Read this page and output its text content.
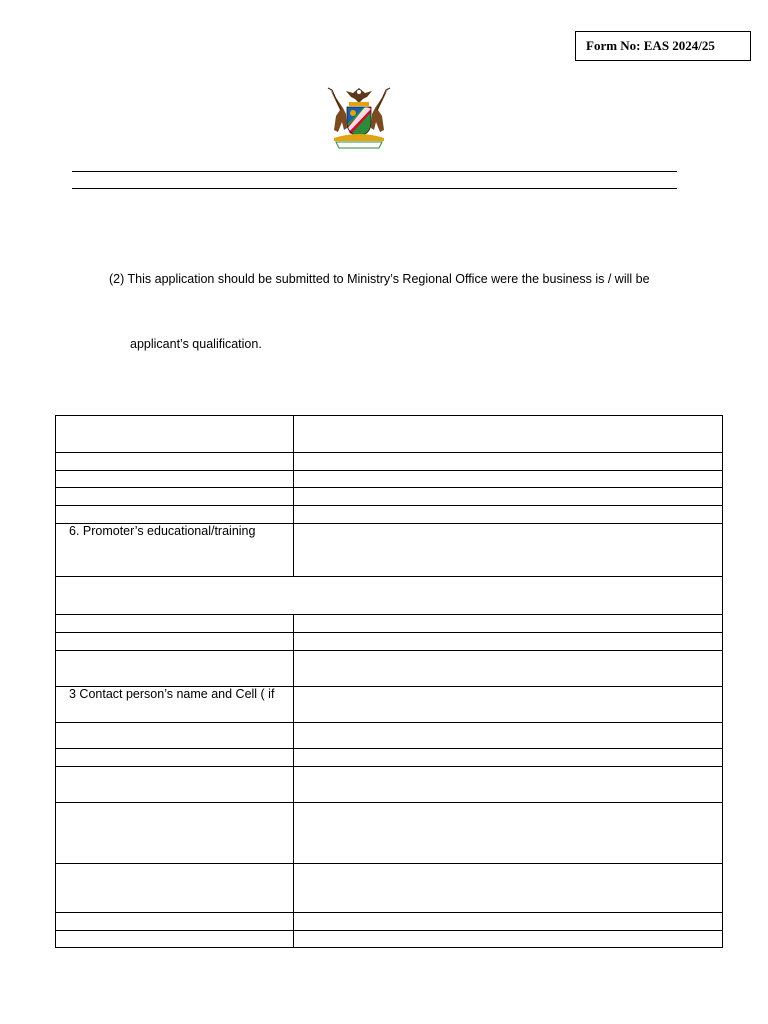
Form No: EAS 2024/25
(2) This application should be submitted to Ministry’s Regional Office were the business is / will be
applicant’s qualification.
6. Promoter’s educational/training
3 Contact person’s name and Cell ( if
